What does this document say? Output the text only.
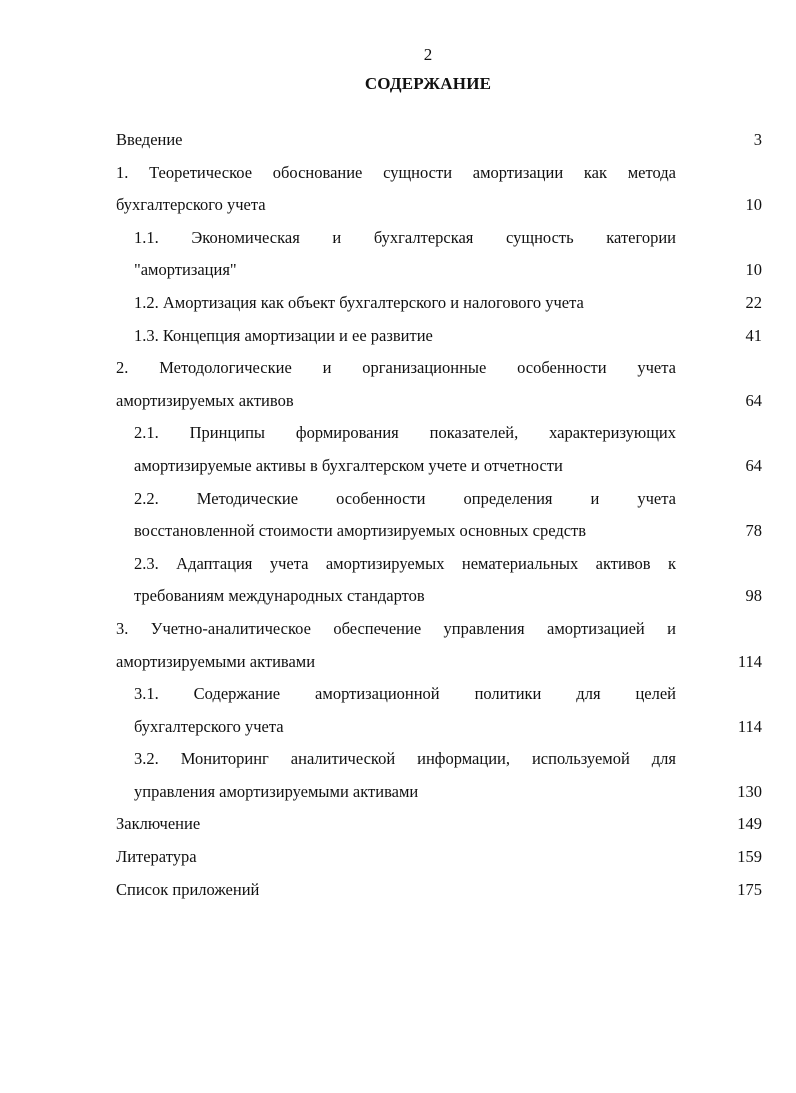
2
СОДЕРЖАНИЕ
Введение	3
1. Теоретическое обоснование сущности амортизации как метода
бухгалтерского учета	10
1.1. Экономическая и бухгалтерская сущность категории
"амортизация"	10
1.2. Амортизация как объект бухгалтерского и налогового учета	22
1.3. Концепция амортизации и ее развитие	41
2. Методологические и организационные особенности учета
амортизируемых активов	64
2.1. Принципы формирования показателей, характеризующих
амортизируемые активы в бухгалтерском учете и отчетности	64
2.2. Методические особенности определения и учета
восстановленной стоимости амортизируемых основных средств	78
2.3. Адаптация учета амортизируемых нематериальных активов к
требованиям международных стандартов	98
3. Учетно-аналитическое обеспечение управления амортизацией и
амортизируемыми активами	114
3.1. Содержание амортизационной политики для целей
бухгалтерского учета	114
3.2. Мониторинг аналитической информации, используемой для
управления амортизируемыми активами	130
Заключение	149
Литература	159
Список приложений	175
